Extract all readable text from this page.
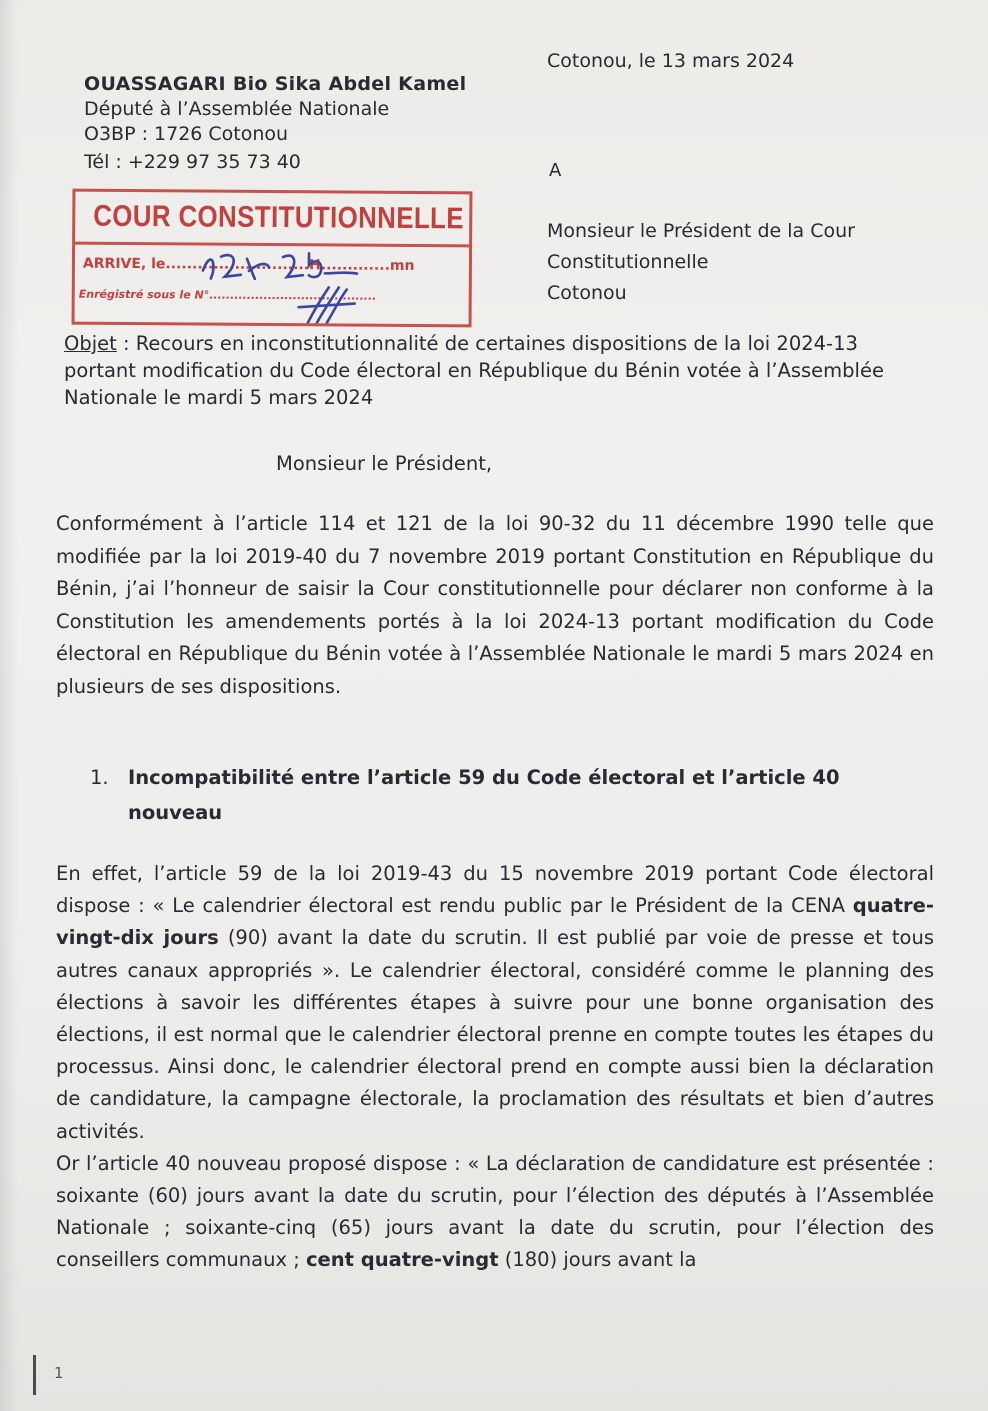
Cotonou, le 13 mars 2024
OUASSAGARI Bio Sika Abdel Kamel
Député à l’Assemblée Nationale
O3BP : 1726 Cotonou
Tél : +229 97 35 73 40	A
Monsieur le Président de la Cour
Constitutionnelle
Cotonou
COUR CONSTITUTIONNELLE
ARRIVE, le...........................H.............mn
Enrégistré sous le N°........................................
Objet : Recours en inconstitutionnalité de certaines dispositions de la loi 2024-13 portant modification du Code électoral en République du Bénin votée à l’Assemblée Nationale le mardi 5 mars 2024
Monsieur le Président,
Conformément à l’article 114 et 121 de la loi 90-32 du 11 décembre 1990 telle que modifiée par la loi 2019-40 du 7 novembre 2019 portant Constitution en République du Bénin, j’ai l’honneur de saisir la Cour constitutionnelle pour déclarer non conforme à la Constitution les amendements portés à la loi 2024-13 portant modification du Code électoral en République du Bénin votée à l’Assemblée Nationale le mardi 5 mars 2024 en plusieurs de ses dispositions.
1. Incompatibilité entre l’article 59 du Code électoral et l’article 40 nouveau
En effet, l’article 59 de la loi 2019-43 du 15 novembre 2019 portant Code électoral dispose : « Le calendrier électoral est rendu public par le Président de la CENA quatre-vingt-dix jours (90) avant la date du scrutin. Il est publié par voie de presse et tous autres canaux appropriés ». Le calendrier électoral, considéré comme le planning des élections à savoir les différentes étapes à suivre pour une bonne organisation des élections, il est normal que le calendrier électoral prenne en compte toutes les étapes du processus. Ainsi donc, le calendrier électoral prend en compte aussi bien la déclaration de candidature, la campagne électorale, la proclamation des résultats et bien d’autres activités.
Or l’article 40 nouveau proposé dispose : « La déclaration de candidature est présentée : soixante (60) jours avant la date du scrutin, pour l’élection des députés à l’Assemblée Nationale ; soixante-cinq (65) jours avant la date du scrutin, pour l’élection des conseillers communaux ; cent quatre-vingt (180) jours avant la
1
